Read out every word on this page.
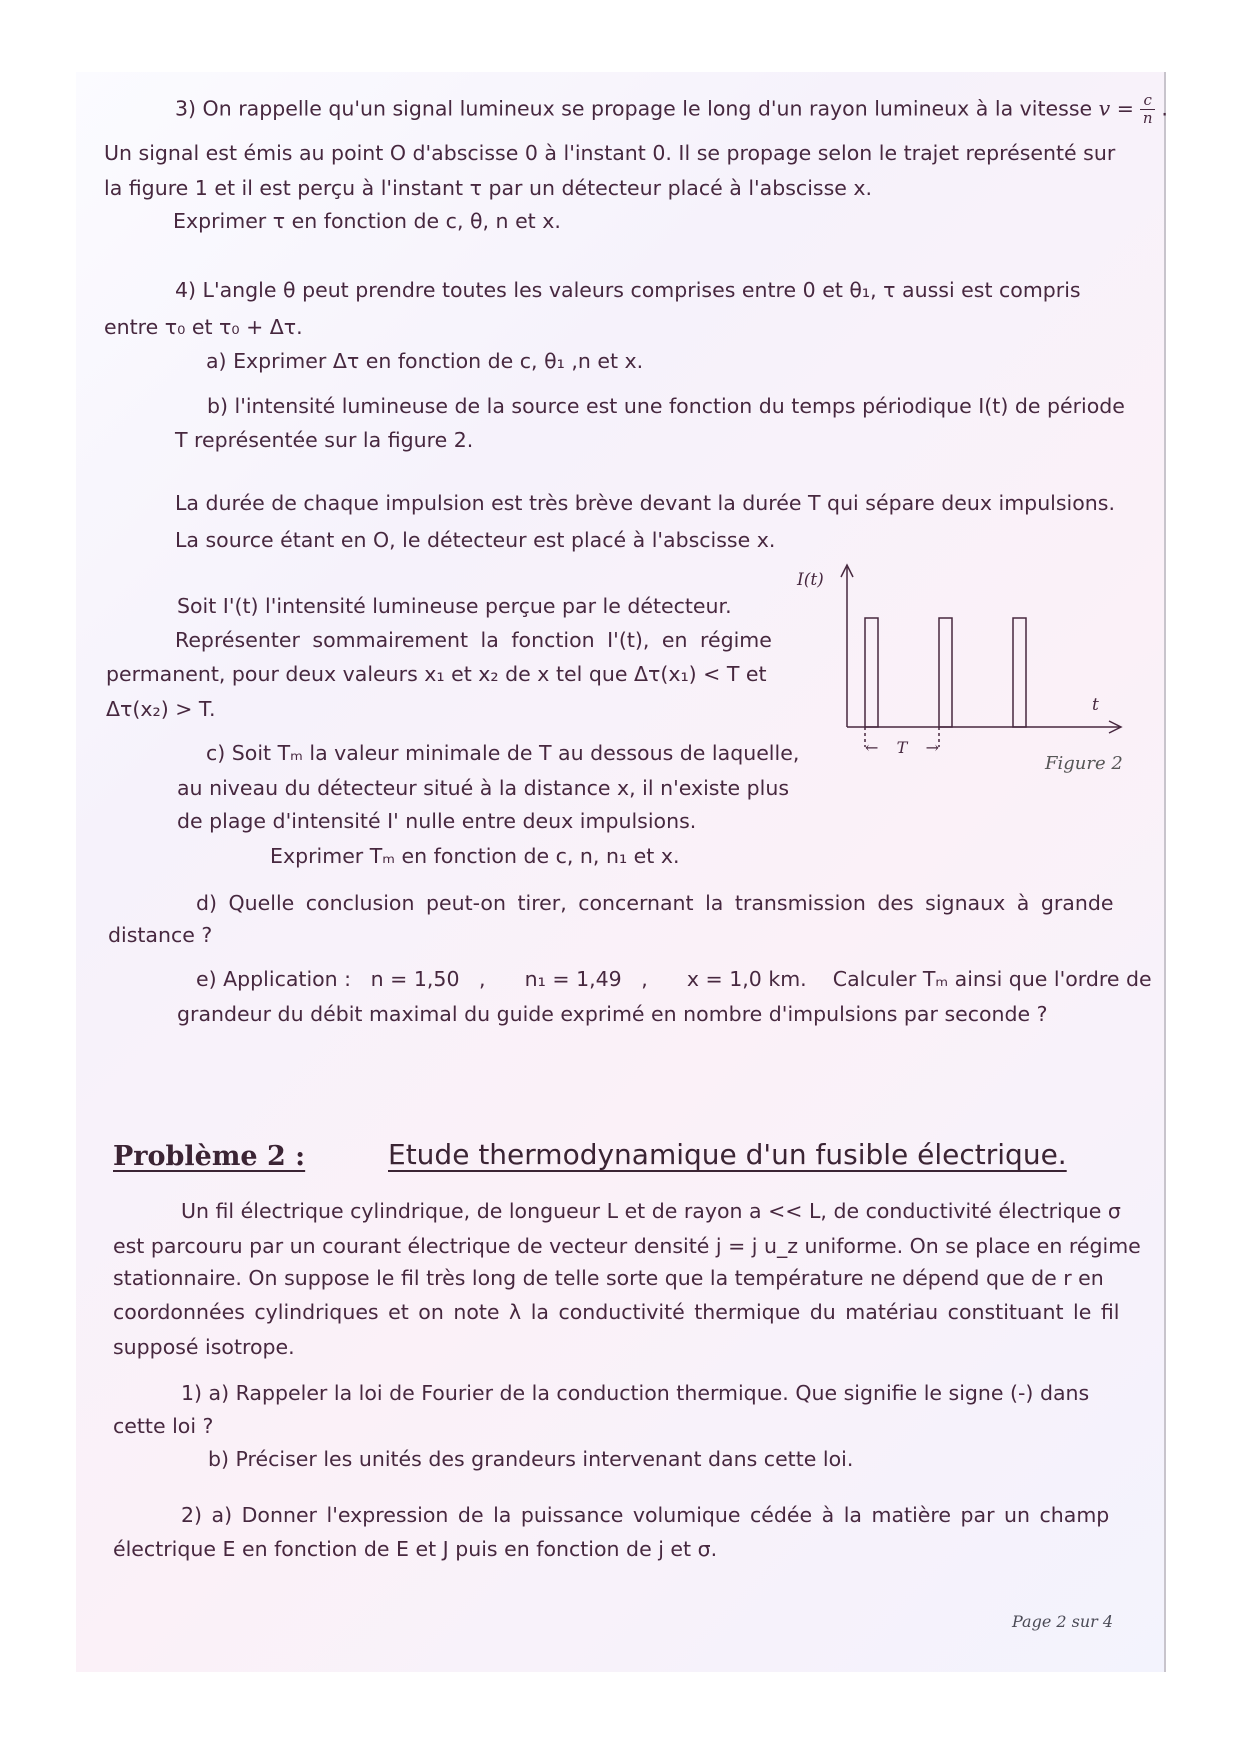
3) On rappelle qu'un signal lumineux se propage le long d'un rayon lumineux à la vitesse $v = \frac{c}{n}$ .
Un signal est émis au point O d'abscisse 0 à l'instant 0. Il se propage selon le trajet représenté sur
la figure 1 et il est perçu à l'instant τ par un détecteur placé à l'abscisse x.
Exprimer τ en fonction de c, θ, n et x.
4) L'angle θ peut prendre toutes les valeurs comprises entre 0 et θ₁, τ aussi est compris
entre τ₀ et τ₀ + Δτ.
a) Exprimer Δτ en fonction de c, θ₁ ,n et x.
b) l'intensité lumineuse de la source est une fonction du temps périodique I(t) de période
T représentée sur la figure 2.
La durée de chaque impulsion est très brève devant la durée T qui sépare deux impulsions.
La source étant en O, le détecteur est placé à l'abscisse x.
Soit I'(t) l'intensité lumineuse perçue par le détecteur.
Représenter sommairement la fonction I'(t), en régime
permanent, pour deux valeurs x₁ et x₂ de x tel que Δτ(x₁) < T et
Δτ(x₂) > T.
c) Soit Tₘ la valeur minimale de T au dessous de laquelle,
au niveau du détecteur situé à la distance x, il n'existe plus
de plage d'intensité I' nulle entre deux impulsions.
Exprimer Tₘ en fonction de c, n, n₁ et x.
d) Quelle conclusion peut-on tirer, concernant la transmission des signaux à grande
distance ?
e) Application :   n = 1,50   ,      n₁ = 1,49   ,      x = 1,0 km.    Calculer Tₘ ainsi que l'ordre de
grandeur du débit maximal du guide exprimé en nombre d'impulsions par seconde ?
I(t)
t
←T→
Figure 2
Problème 2 :	Etude thermodynamique d'un fusible électrique.
Un fil électrique cylindrique, de longueur L et de rayon a << L, de conductivité électrique σ
est parcouru par un courant électrique de vecteur densité j = j u_z uniforme. On se place en régime
stationnaire. On suppose le fil très long de telle sorte que la température ne dépend que de r en
coordonnées cylindriques et on note λ la conductivité thermique du matériau constituant le fil
supposé isotrope.
1) a) Rappeler la loi de Fourier de la conduction thermique. Que signifie le signe (-) dans
cette loi ?
b) Préciser les unités des grandeurs intervenant dans cette loi.
2) a) Donner l'expression de la puissance volumique cédée à la matière par un champ
électrique E en fonction de E et J puis en fonction de j et σ.
Page 2 sur 4
